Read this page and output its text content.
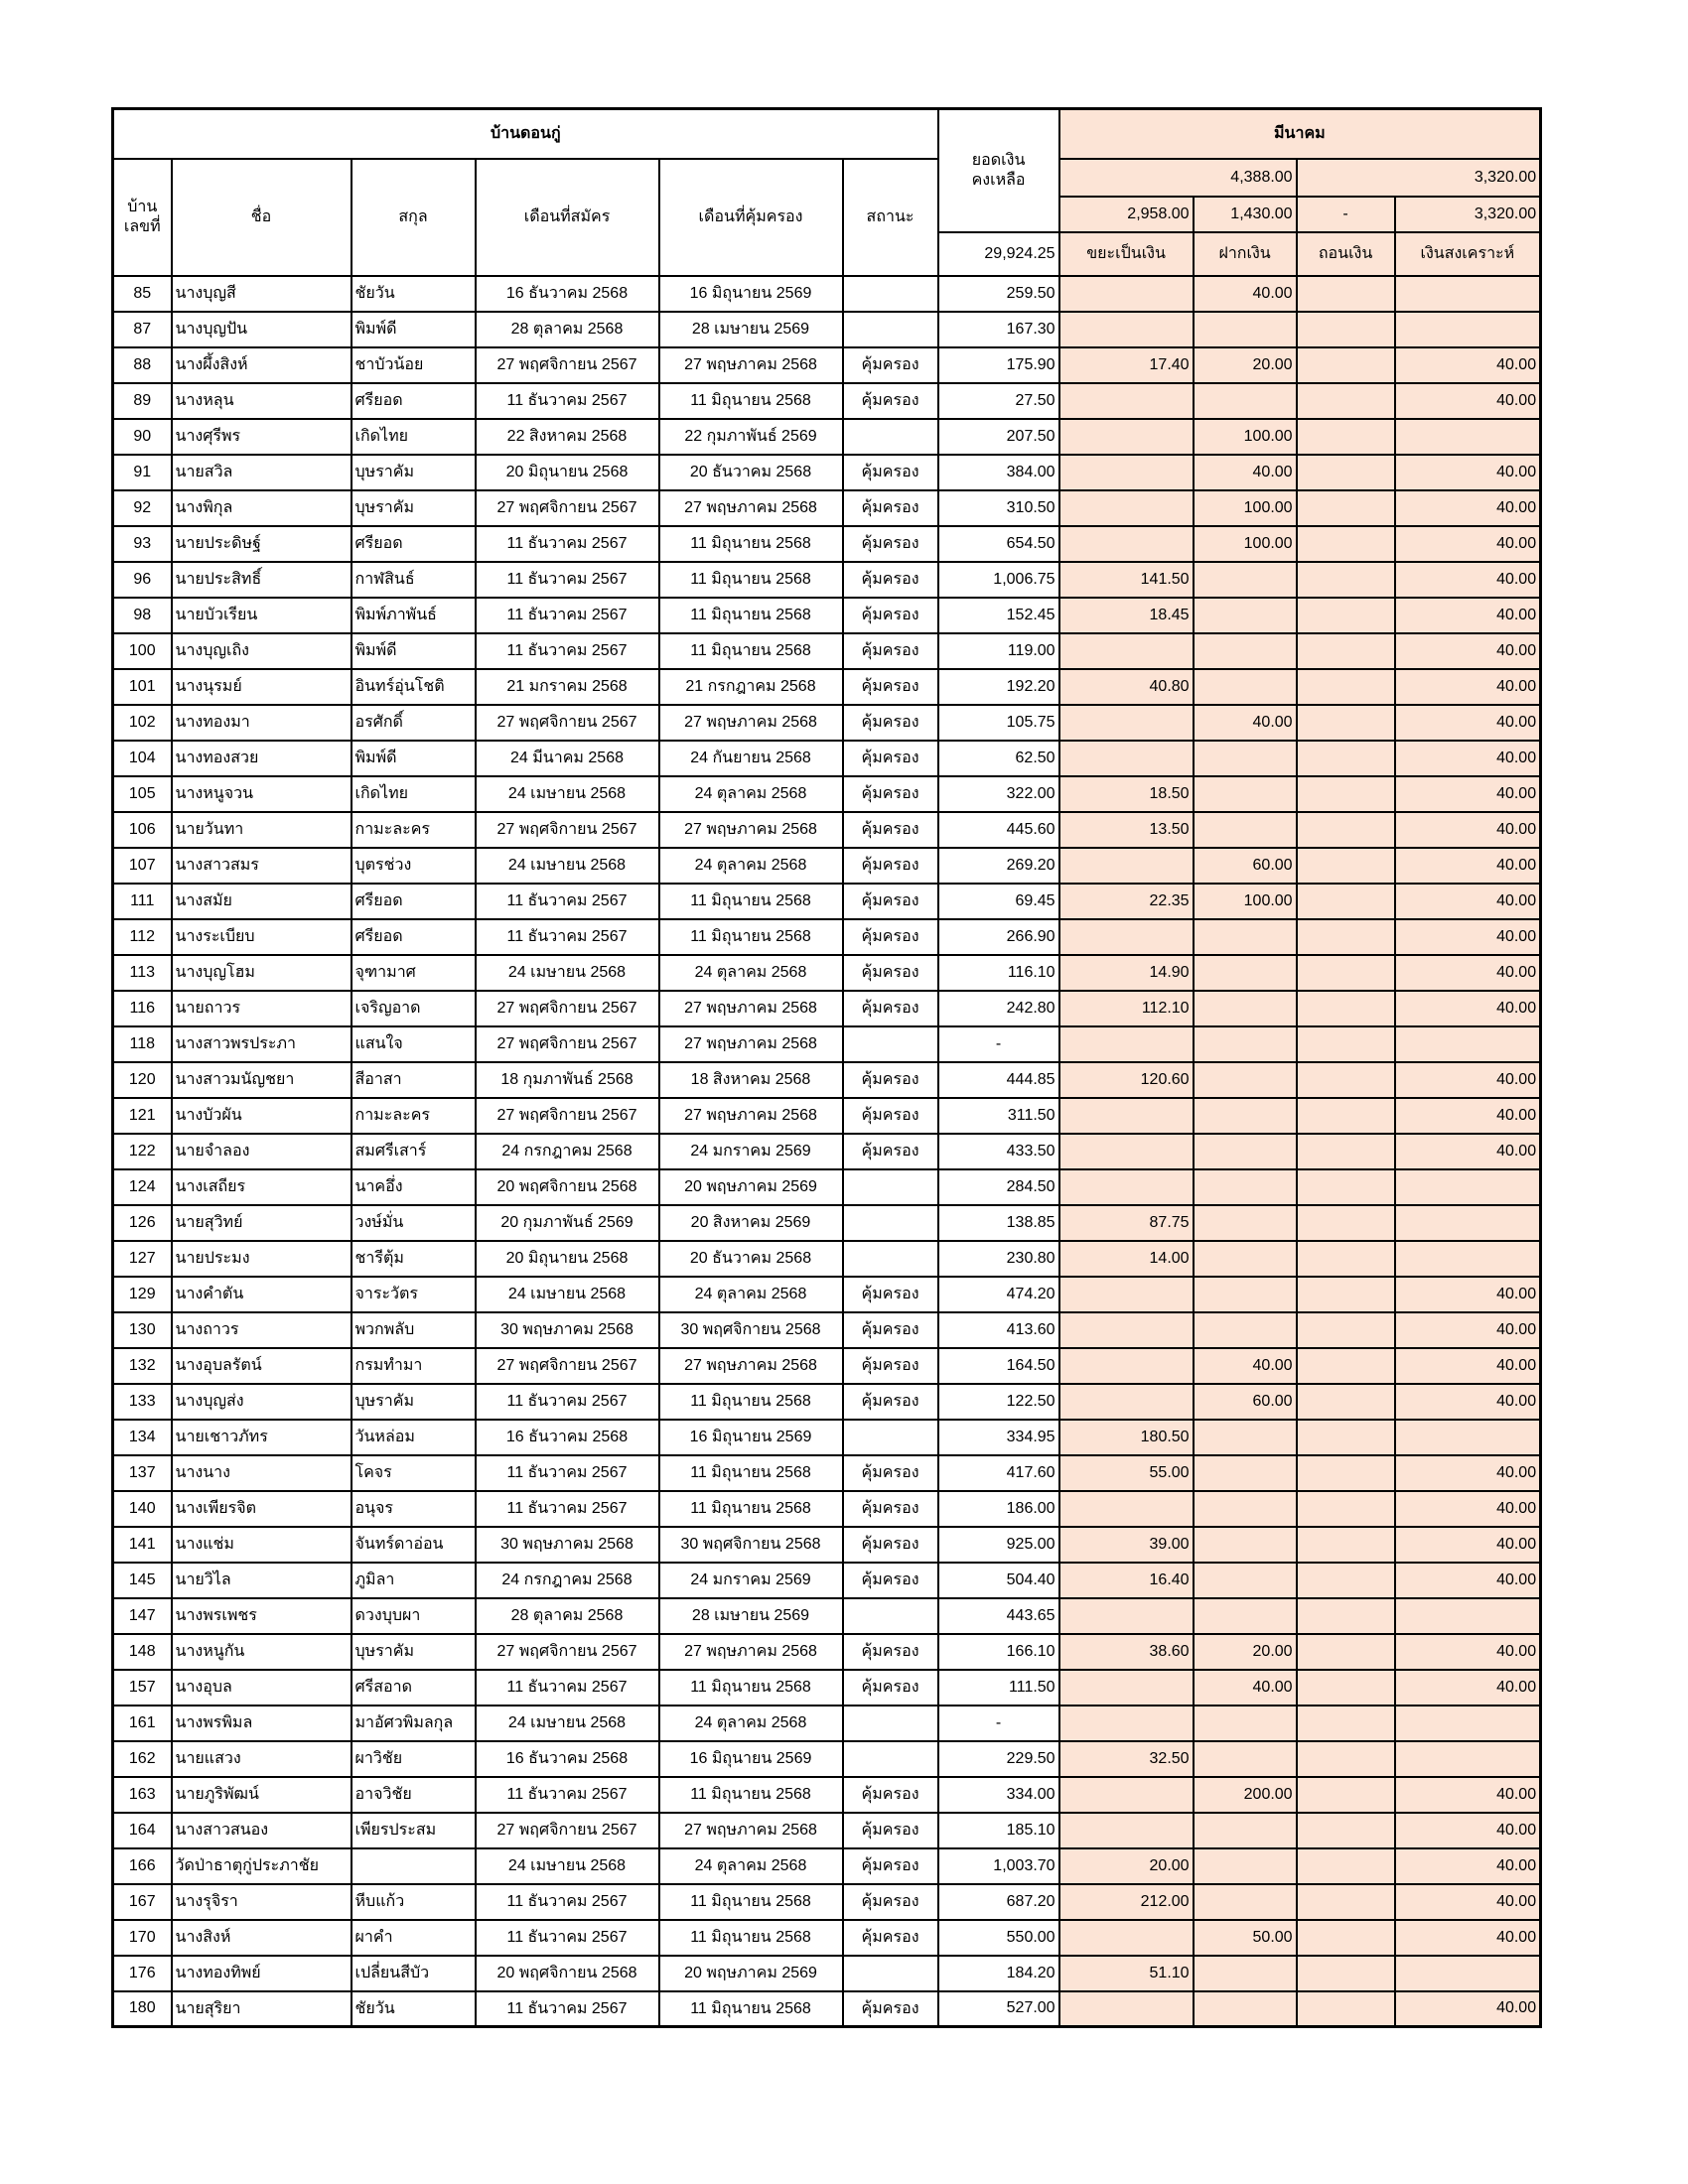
บ้านดอนกู่						ยอดเงิน
คงเหลือ	มีนาคม			

บ้าน
เลขที่	ชื่อ	สกุล	เดือนที่สมัคร	เดือนที่คุ้มครอง	สถานะ		4,388.00		3,320.00	
							2,958.00	1,430.00	-	3,320.00
						29,924.25	ขยะเป็นเงิน	ฝากเงิน	ถอนเงิน	เงินสงเคราะห์
85	นางบุญสี	ชัยวัน	16 ธันวาคม 2568	16 มิถุนายน 2569		259.50		40.00		
87	นางบุญปัน	พิมพ์ดี	28 ตุลาคม 2568	28 เมษายน 2569		167.30				
88	นางผึ้งสิงห์	ชาบัวน้อย	27 พฤศจิกายน 2567	27 พฤษภาคม 2568	คุ้มครอง	175.90	17.40	20.00		40.00
89	นางหลุน	ศรียอด	11 ธันวาคม 2567	11 มิถุนายน 2568	คุ้มครอง	27.50				40.00
90	นางศุรีพร	เกิดไทย	22 สิงหาคม 2568	22 กุมภาพันธ์ 2569		207.50		100.00		
91	นายสวิล	บุษราคัม	20 มิถุนายน 2568	20 ธันวาคม 2568	คุ้มครอง	384.00		40.00		40.00
92	นางพิกุล	บุษราคัม	27 พฤศจิกายน 2567	27 พฤษภาคม 2568	คุ้มครอง	310.50		100.00		40.00
93	นายประดิษฐ์	ศรียอด	11 ธันวาคม 2567	11 มิถุนายน 2568	คุ้มครอง	654.50		100.00		40.00
96	นายประสิทธิ์	กาฬสินธ์	11 ธันวาคม 2567	11 มิถุนายน 2568	คุ้มครอง	1,006.75	141.50			40.00
98	นายบัวเรียน	พิมพ์ภาพันธ์	11 ธันวาคม 2567	11 มิถุนายน 2568	คุ้มครอง	152.45	18.45			40.00
100	นางบุญเถิง	พิมพ์ดี	11 ธันวาคม 2567	11 มิถุนายน 2568	คุ้มครอง	119.00				40.00
101	นางนุรมย์	อินทร์อุ่นโชติ	21 มกราคม 2568	21 กรกฎาคม 2568	คุ้มครอง	192.20	40.80			40.00
102	นางทองมา	อรศักดิ์	27 พฤศจิกายน 2567	27 พฤษภาคม 2568	คุ้มครอง	105.75		40.00		40.00
104	นางทองสวย	พิมพ์ดี	24 มีนาคม 2568	24 กันยายน 2568	คุ้มครอง	62.50				40.00
105	นางหนูจวน	เกิดไทย	24 เมษายน 2568	24 ตุลาคม 2568	คุ้มครอง	322.00	18.50			40.00
106	นายวันทา	กามะละคร	27 พฤศจิกายน 2567	27 พฤษภาคม 2568	คุ้มครอง	445.60	13.50			40.00
107	นางสาวสมร	บุตรช่วง	24 เมษายน 2568	24 ตุลาคม 2568	คุ้มครอง	269.20		60.00		40.00
111	นางสมัย	ศรียอด	11 ธันวาคม 2567	11 มิถุนายน 2568	คุ้มครอง	69.45	22.35	100.00		40.00
112	นางระเบียบ	ศรียอด	11 ธันวาคม 2567	11 มิถุนายน 2568	คุ้มครอง	266.90				40.00
113	นางบุญโฮม	จุฑามาศ	24 เมษายน 2568	24 ตุลาคม 2568	คุ้มครอง	116.10	14.90			40.00
116	นายถาวร	เจริญอาด	27 พฤศจิกายน 2567	27 พฤษภาคม 2568	คุ้มครอง	242.80	112.10			40.00
118	นางสาวพรประภา	แสนใจ	27 พฤศจิกายน 2567	27 พฤษภาคม 2568		-				
120	นางสาวมนัญชยา	สีอาสา	18 กุมภาพันธ์ 2568	18 สิงหาคม 2568	คุ้มครอง	444.85	120.60			40.00
121	นางบัวผัน	กามะละคร	27 พฤศจิกายน 2567	27 พฤษภาคม 2568	คุ้มครอง	311.50				40.00
122	นายจำลอง	สมศรีเสาร์	24 กรกฎาคม 2568	24 มกราคม 2569	คุ้มครอง	433.50				40.00
124	นางเสถียร	นาคอึ่ง	20 พฤศจิกายน 2568	20 พฤษภาคม 2569		284.50				
126	นายสุวิทย์	วงษ์มั่น	20 กุมภาพันธ์ 2569	20 สิงหาคม 2569		138.85	87.75			
127	นายประมง	ชารีตุ้ม	20 มิถุนายน 2568	20 ธันวาคม 2568		230.80	14.00			
129	นางคำตัน	จาระวัตร	24 เมษายน 2568	24 ตุลาคม 2568	คุ้มครอง	474.20				40.00
130	นางถาวร	พวกพลับ	30 พฤษภาคม 2568	30 พฤศจิกายน 2568	คุ้มครอง	413.60				40.00
132	นางอุบลรัตน์	กรมทำมา	27 พฤศจิกายน 2567	27 พฤษภาคม 2568	คุ้มครอง	164.50		40.00		40.00
133	นางบุญส่ง	บุษราคัม	11 ธันวาคม 2567	11 มิถุนายน 2568	คุ้มครอง	122.50		60.00		40.00
134	นายเชาวภัทร	วันหล่อม	16 ธันวาคม 2568	16 มิถุนายน 2569		334.95	180.50			
137	นางนาง	โคจร	11 ธันวาคม 2567	11 มิถุนายน 2568	คุ้มครอง	417.60	55.00			40.00
140	นางเพียรจิต	อนุจร	11 ธันวาคม 2567	11 มิถุนายน 2568	คุ้มครอง	186.00				40.00
141	นางแช่ม	จันทร์ดาอ่อน	30 พฤษภาคม 2568	30 พฤศจิกายน 2568	คุ้มครอง	925.00	39.00			40.00
145	นายวิไล	ภูมิลา	24 กรกฎาคม 2568	24 มกราคม 2569	คุ้มครอง	504.40	16.40			40.00
147	นางพรเพชร	ดวงบุบผา	28 ตุลาคม 2568	28 เมษายน 2569		443.65				
148	นางหนูกัน	บุษราคัม	27 พฤศจิกายน 2567	27 พฤษภาคม 2568	คุ้มครอง	166.10	38.60	20.00		40.00
157	นางอุบล	ศรีสอาด	11 ธันวาคม 2567	11 มิถุนายน 2568	คุ้มครอง	111.50		40.00		40.00
161	นางพรพิมล	มาอัศวพิมลกุล	24 เมษายน 2568	24 ตุลาคม 2568		-				
162	นายแสวง	ผาวิชัย	16 ธันวาคม 2568	16 มิถุนายน 2569		229.50	32.50			
163	นายภูริพัฒน์	อาจวิชัย	11 ธันวาคม 2567	11 มิถุนายน 2568	คุ้มครอง	334.00		200.00		40.00
164	นางสาวสนอง	เพียรประสม	27 พฤศจิกายน 2567	27 พฤษภาคม 2568	คุ้มครอง	185.10				40.00
166	วัดป่าธาตุกู่ประภาชัย		24 เมษายน 2568	24 ตุลาคม 2568	คุ้มครอง	1,003.70	20.00			40.00
167	นางรุจิรา	หีบแก้ว	11 ธันวาคม 2567	11 มิถุนายน 2568	คุ้มครอง	687.20	212.00			40.00
170	นางสิงห์	ผาคำ	11 ธันวาคม 2567	11 มิถุนายน 2568	คุ้มครอง	550.00		50.00		40.00
176	นางทองทิพย์	เปลี่ยนสีบัว	20 พฤศจิกายน 2568	20 พฤษภาคม 2569		184.20	51.10			
180	นายสุริยา	ชัยวัน	11 ธันวาคม 2567	11 มิถุนายน 2568	คุ้มครอง	527.00				40.00
